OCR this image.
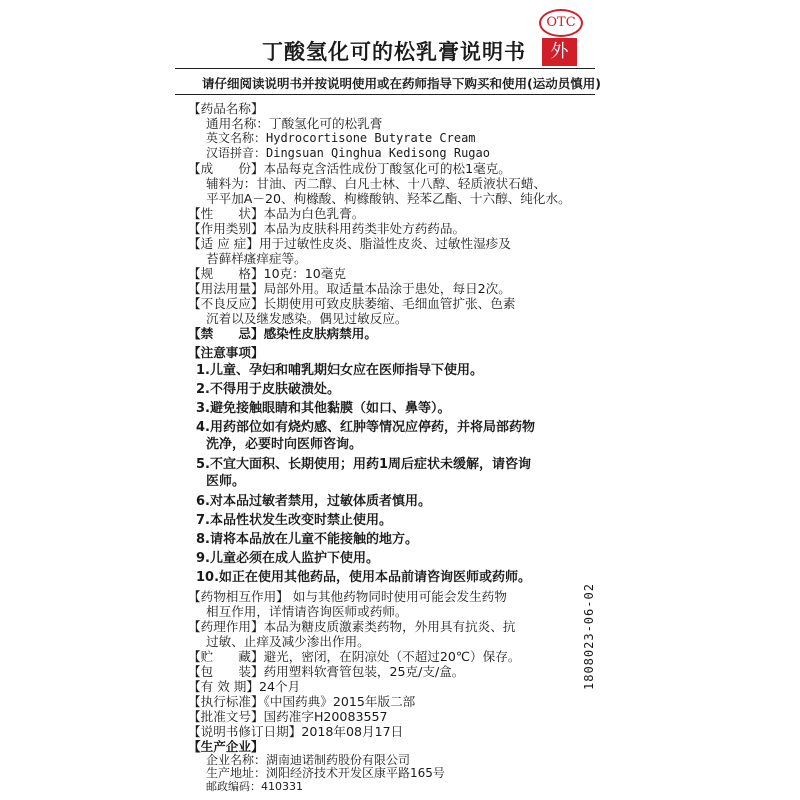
OTC
外
丁酸氢化可的松乳膏说明书
请仔细阅读说明书并按说明使用或在药师指导下购买和使用(运动员慎用)
【药品名称】
通用名称：丁酸氢化可的松乳膏
英文名称：Hydrocortisone Butyrate Cream
汉语拼音：Dingsuan Qinghua Kedisong Rugao
【成　　份】本品每克含活性成份丁酸氢化可的松1毫克。
辅料为：甘油、丙二醇、白凡士林、十八醇、轻质液状石蜡、
平平加A－20、枸橼酸、枸橼酸钠、羟苯乙酯、十六醇、纯化水。
【性　　状】本品为白色乳膏。
【作用类别】本品为皮肤科用药类非处方药药品。
【适 应 症】用于过敏性皮炎、脂溢性皮炎、过敏性湿疹及
苔藓样瘙痒症等。
【规　　格】10克：10毫克
【用法用量】局部外用。取适量本品涂于患处，每日2次。
【不良反应】长期使用可致皮肤萎缩、毛细血管扩张、色素
沉着以及继发感染。偶见过敏反应。
【禁　　忌】感染性皮肤病禁用。
【注意事项】
1.儿童、孕妇和哺乳期妇女应在医师指导下使用。
2.不得用于皮肤破溃处。
3.避免接触眼睛和其他黏膜（如口、鼻等）。
4.用药部位如有烧灼感、红肿等情况应停药，并将局部药物
洗净，必要时向医师咨询。
5.不宜大面积、长期使用；用药1周后症状未缓解，请咨询
医师。
6.对本品过敏者禁用，过敏体质者慎用。
7.本品性状发生改变时禁止使用。
8.请将本品放在儿童不能接触的地方。
9.儿童必须在成人监护下使用。
10.如正在使用其他药品，使用本品前请咨询医师或药师。
【药物相互作用】 如与其他药物同时使用可能会发生药物
相互作用，详情请咨询医师或药师。
【药理作用】本品为糖皮质激素类药物，外用具有抗炎、抗
过敏、止痒及减少渗出作用。
【贮　　藏】避光，密闭，在阴凉处（不超过20℃）保存。
【包　　装】药用塑料软膏管包装，25克/支/盒。
【有 效 期】24个月
【执行标准】《中国药典》2015年版二部
【批准文号】国药准字H20083557
【说明书修订日期】2018年08月17日
【生产企业】
企业名称：湖南迪诺制药股份有限公司
生产地址：浏阳经济技术开发区康平路165号
邮政编码：410331
1808023-06-02
